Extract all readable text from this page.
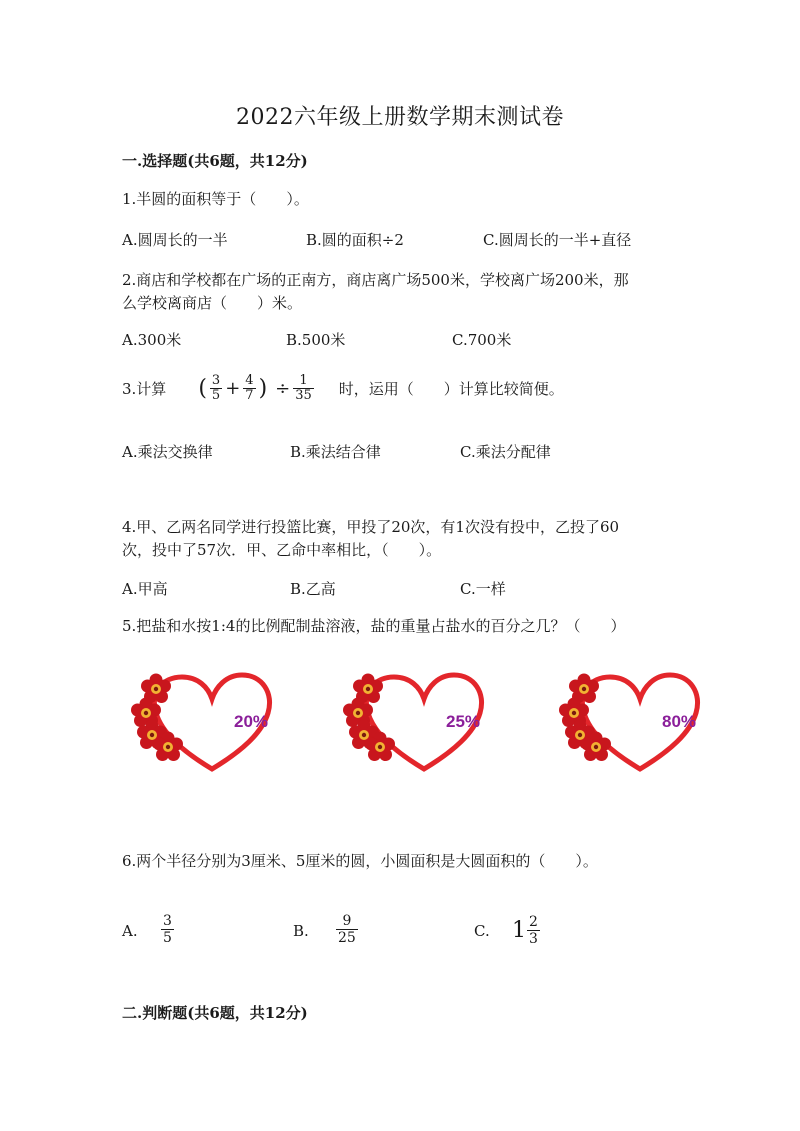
2022六年级上册数学期末测试卷
一.选择题(共6题，共12分)
1.半圆的面积等于（　　）。
A.圆周长的一半	B.圆的面积÷2	C.圆周长的一半+直径
2.商店和学校都在广场的正南方，商店离广场500米，学校离广场200米，那
么学校离商店（　　）米。
A.300米	B.500米	C.700米
3.计算 ( $\frac{3}{5} + \frac{4}{7}$ ) ÷ $\frac{1}{35}$ 时，运用（　　）计算比较简便。
A.乘法交换律	B.乘法结合律	C.乘法分配律
4.甲、乙两名同学进行投篮比赛，甲投了20次，有1次没有投中，乙投了60
次，投中了57次．甲、乙命中率相比，（　　）。
A.甲高	B.乙高	C.一样
5.把盐和水按1:4的比例配制盐溶液，盐的重量占盐水的百分之几？（　　）
20%	25%	80%
6.两个半径分别为3厘米、5厘米的圆，小圆面积是大圆面积的（　　）。
A. $\frac{3}{5}$	B. $\frac{9}{25}$	C. $1 \frac{2}{3}$
二.判断题(共6题，共12分)
